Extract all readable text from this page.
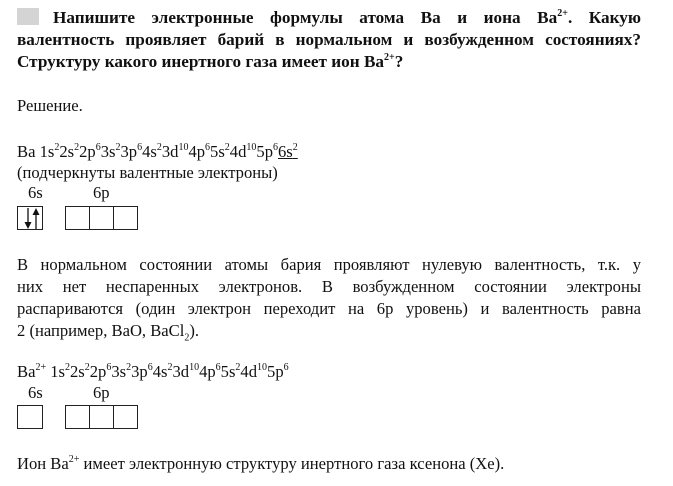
Напишите электронные формулы атома Ва и иона $Ва^{2+}$. Какую
валентность проявляет барий в нормальном и возбужденном состояниях?
Структуру какого инертного газа имеет ион $Ва^{2+}$?
Решение.
Ba $1s^22s^22p^63s^23p^64s^23d^{10}4p^65s^24d^{10}5p^66s^2$
(подчеркнуты валентные электроны)
6s	6p
В нормальном состоянии атомы бария проявляют нулевую валентность, т.к. у
них нет неспаренных электронов. В возбужденном состоянии электроны
распариваются (один электрон переходит на 6р уровень) и валентность равна
2 (например, ВаО, ВаCl$_2$).
$Ba^{2+}$ $1s^22s^22p^63s^23p^64s^23d^{10}4p^65s^24d^{10}5p^6$
6s	6p
Ион $Ва^{2+}$ имеет электронную структуру инертного газа ксенона (Хе).
